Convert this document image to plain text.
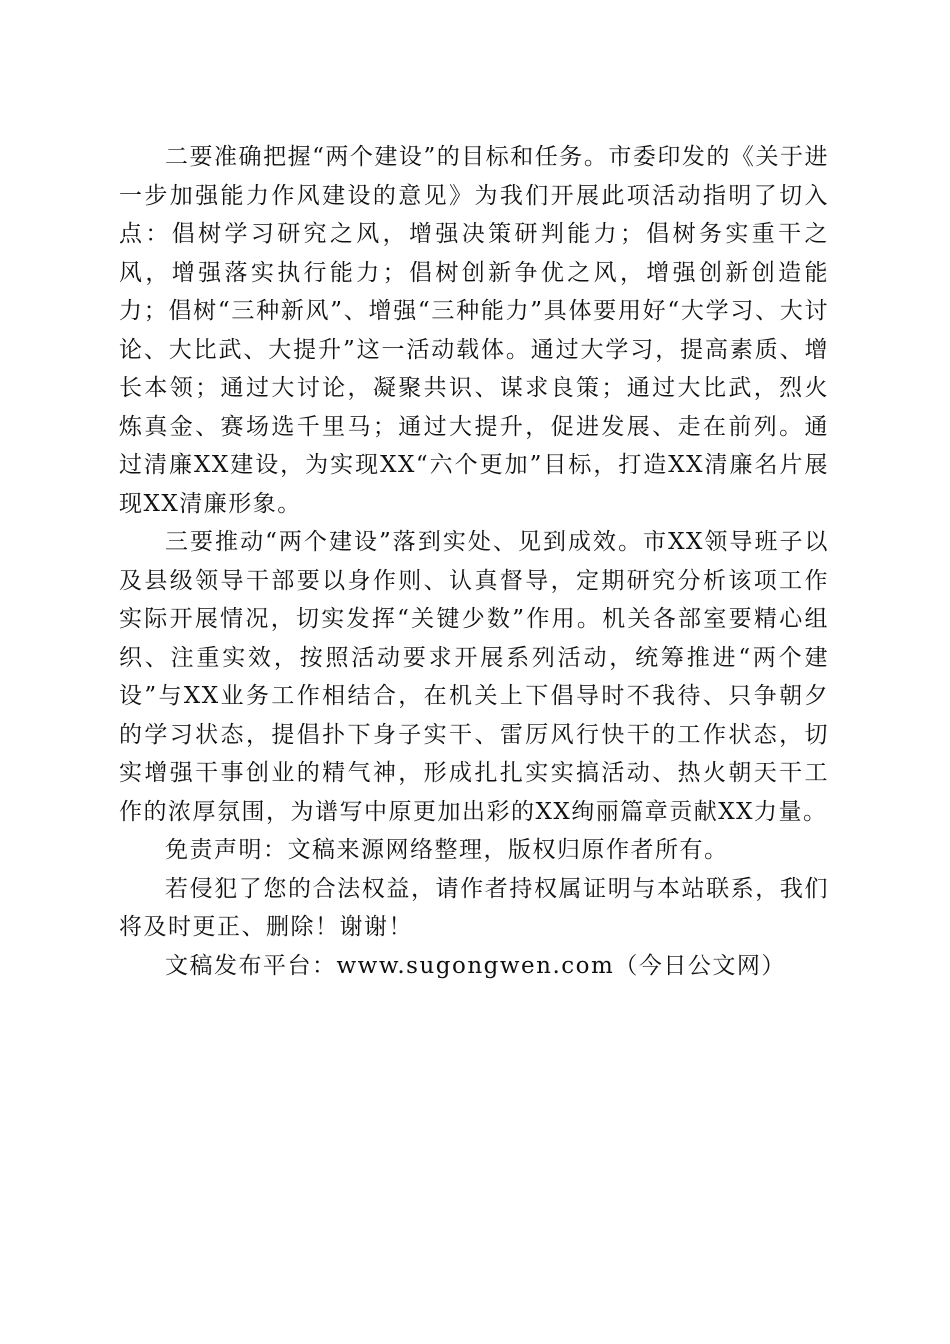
二要准确把握“两个建设”的目标和任务。市委印发的《关于进一步加强能力作风建设的意见》为我们开展此项活动指明了切入点：倡树学习研究之风，增强决策研判能力；倡树务实重干之风，增强落实执行能力；倡树创新争优之风，增强创新创造能力；倡树“三种新风”、增强“三种能力”具体要用好“大学习、大讨论、大比武、大提升”这一活动载体。通过大学习，提高素质、增长本领；通过大讨论，凝聚共识、谋求良策；通过大比武，烈火炼真金、赛场选千里马；通过大提升，促进发展、走在前列。通过清廉XX建设，为实现XX“六个更加”目标，打造XX清廉名片展现XX清廉形象。

三要推动“两个建设”落到实处、见到成效。市XX领导班子以及县级领导干部要以身作则、认真督导，定期研究分析该项工作实际开展情况，切实发挥“关键少数”作用。机关各部室要精心组织、注重实效，按照活动要求开展系列活动，统筹推进“两个建设”与XX业务工作相结合，在机关上下倡导时不我待、只争朝夕的学习状态，提倡扑下身子实干、雷厉风行快干的工作状态，切实增强干事创业的精气神，形成扎扎实实搞活动、热火朝天干工作的浓厚氛围，为谱写中原更加出彩的XX绚丽篇章贡献XX力量。

免责声明：文稿来源网络整理，版权归原作者所有。

若侵犯了您的合法权益，请作者持权属证明与本站联系，我们将及时更正、删除！谢谢！

文稿发布平台：www.sugongwen.com（今日公文网）
